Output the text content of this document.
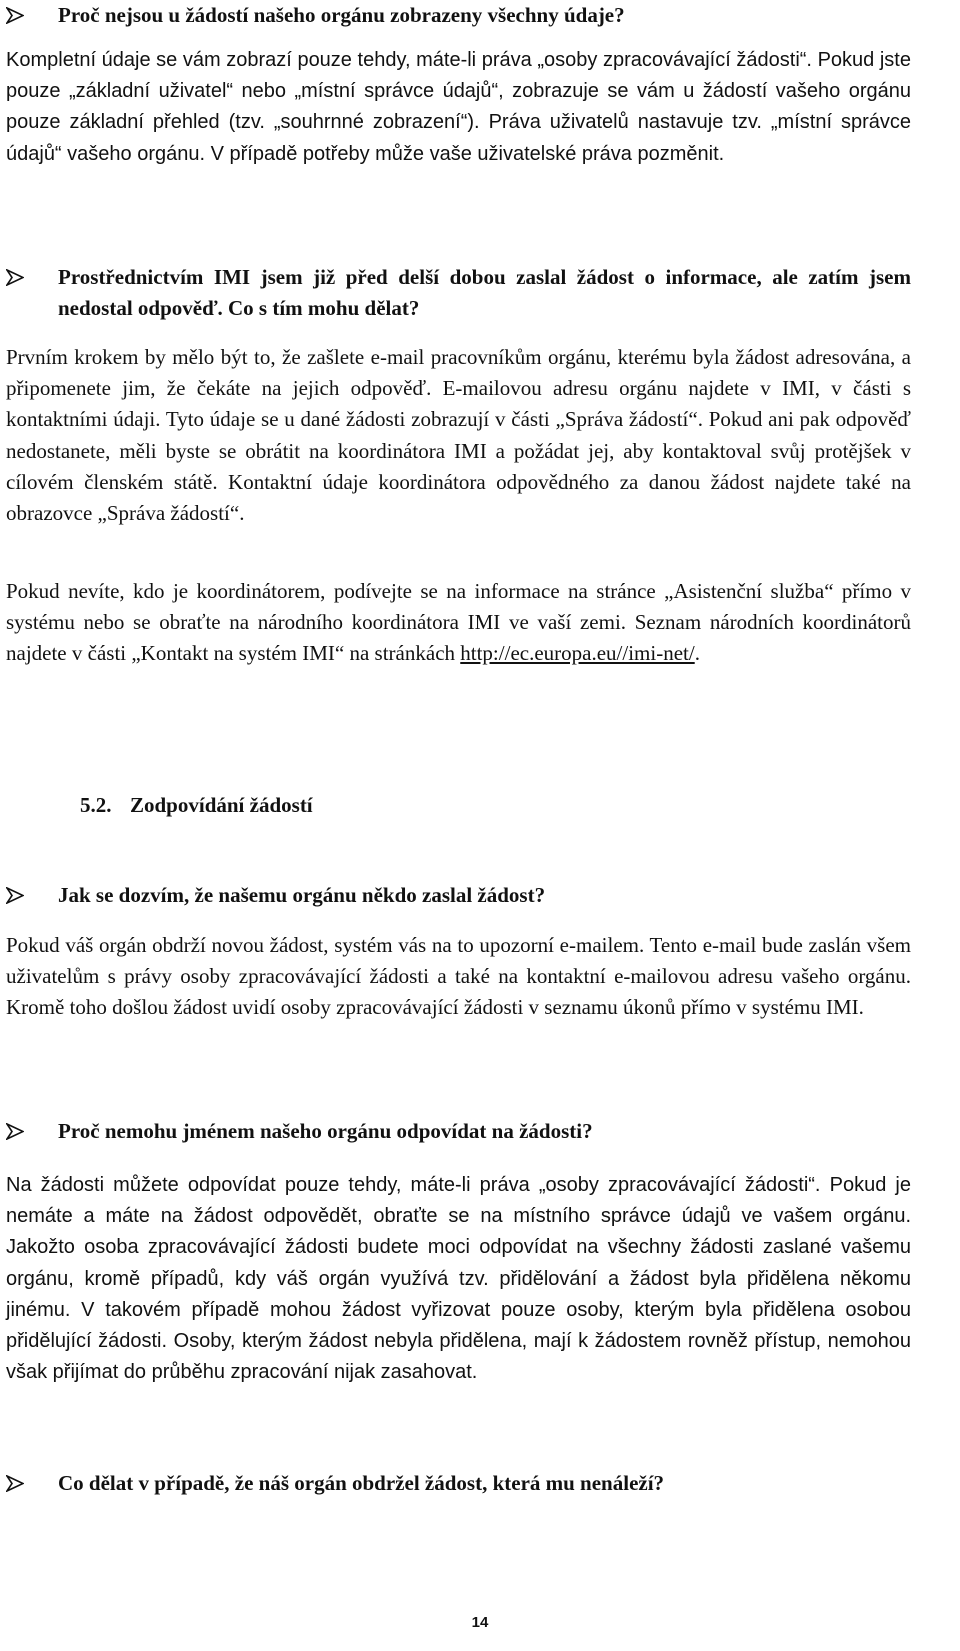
Proč nejsou u žádostí našeho orgánu zobrazeny všechny údaje?

Kompletní údaje se vám zobrazí pouze tehdy, máte-li práva „osoby zpracovávající žádosti“. Pokud jste pouze „základní uživatel“ nebo „místní správce údajů“, zobrazuje se vám u žádostí vašeho orgánu pouze základní přehled (tzv. „souhrnné zobrazení“). Práva uživatelů nastavuje tzv. „místní správce údajů“ vašeho orgánu. V případě potřeby může vaše uživatelské práva pozměnit.

Prostřednictvím IMI jsem již před delší dobou zaslal žádost o informace, ale zatím jsem nedostal odpověď. Co s tím mohu dělat?

Prvním krokem by mělo být to, že zašlete e-mail pracovníkům orgánu, kterému byla žádost adresována, a připomenete jim, že čekáte na jejich odpověď. E-mailovou adresu orgánu najdete v IMI, v části s kontaktními údaji. Tyto údaje se u dané žádosti zobrazují v části „Správa žádostí“. Pokud ani pak odpověď nedostanete, měli byste se obrátit na koordinátora IMI a požádat jej, aby kontaktoval svůj protějšek v cílovém členském státě. Kontaktní údaje koordinátora odpovědného za danou žádost najdete také na obrazovce „Správa žádostí“.

Pokud nevíte, kdo je koordinátorem, podívejte se na informace na stránce „Asistenční služba“ přímo v systému nebo se obraťte na národního koordinátora IMI ve vaší zemi. Seznam národních koordinátorů najdete v části „Kontakt na systém IMI“ na stránkách http://ec.europa.eu//imi-net/.

5.2. Zodpovídání žádostí
Jak se dozvím, že našemu orgánu někdo zaslal žádost?

Pokud váš orgán obdrží novou žádost, systém vás na to upozorní e-mailem. Tento e-mail bude zaslán všem uživatelům s právy osoby zpracovávající žádosti a také na kontaktní e-mailovou adresu vašeho orgánu. Kromě toho došlou žádost uvidí osoby zpracovávající žádosti v seznamu úkonů přímo v systému IMI.

Proč nemohu jménem našeho orgánu odpovídat na žádosti?

Na žádosti můžete odpovídat pouze tehdy, máte-li práva „osoby zpracovávající žádosti“. Pokud je nemáte a máte na žádost odpovědět, obraťte se na místního správce údajů ve vašem orgánu. Jakožto osoba zpracovávající žádosti budete moci odpovídat na všechny žádosti zaslané vašemu orgánu, kromě případů, kdy váš orgán využívá tzv. přidělování a žádost byla přidělena někomu jinému. V takovém případě mohou žádost vyřizovat pouze osoby, kterým byla přidělena osobou přidělující žádosti. Osoby, kterým žádost nebyla přidělena, mají k žádostem rovněž přístup, nemohou však přijímat do průběhu zpracování nijak zasahovat.

Co dělat v případě, že náš orgán obdržel žádost, která mu nenáleží?
14
